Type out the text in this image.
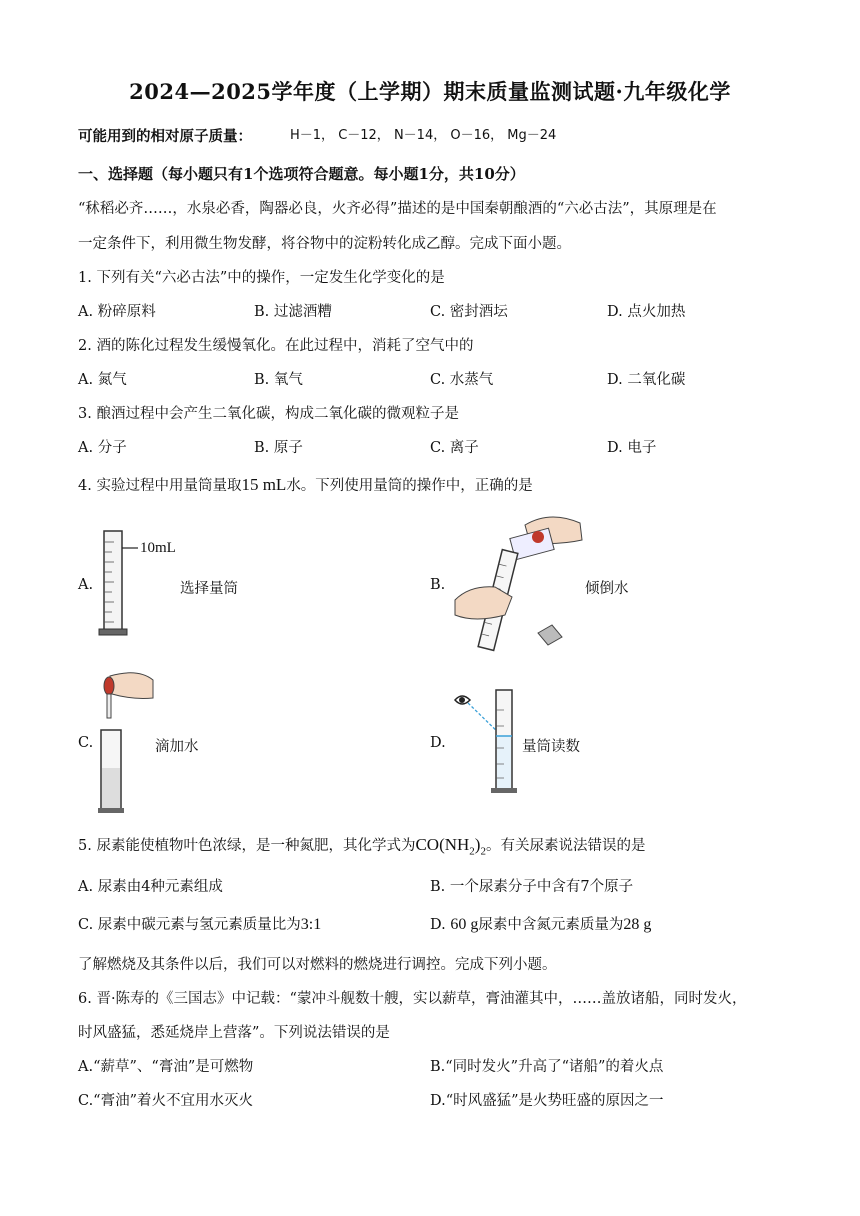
2024—2025学年度（上学期）期末质量监测试题·九年级化学
可能用到的相对原子质量：	H－1， C－12， N－14， O－16， Mg－24
一、选择题（每小题只有1个选项符合题意。每小题1分，共10分）
“秫稻必齐……，水泉必香，陶器必良，火齐必得”描述的是中国秦朝酿酒的“六必古法”，其原理是在
一定条件下，利用微生物发酵，将谷物中的淀粉转化成乙醇。完成下面小题。
1. 下列有关“六必古法”中的操作，一定发生化学变化的是
A. 粉碎原料	B. 过滤酒糟	C. 密封酒坛	D. 点火加热
2. 酒的陈化过程发生缓慢氧化。在此过程中，消耗了空气中的
A. 氮气	B. 氧气	C. 水蒸气	D. 二氧化碳
3. 酿酒过程中会产生二氧化碳，构成二氧化碳的微观粒子是
A. 分子	B. 原子	C. 离子	D. 电子
4. 实验过程中用量筒量取15 mL水。下列使用量筒的操作中，正确的是
A.
10mL
选择量筒	B.	倾倒水
C.	滴加水	D.	量筒读数
5. 尿素能使植物叶色浓绿，是一种氮肥，其化学式为$CO(NH_2)_2$。有关尿素说法错误的是
A. 尿素由4种元素组成	B. 一个尿素分子中含有7个原子
C. 尿素中碳元素与氢元素质量比为3:1	D. 60 g尿素中含氮元素质量为28 g
了解燃烧及其条件以后，我们可以对燃料的燃烧进行调控。完成下列小题。
6. 晋·陈寿的《三国志》中记载：“蒙冲斗舰数十艘，实以薪草，膏油灌其中，……盖放诸船，同时发火，
时风盛猛，悉延烧岸上营落”。下列说法错误的是
A.“薪草”、“膏油”是可燃物	B.“同时发火”升高了“诸船”的着火点
C.“膏油”着火不宜用水灭火	D.“时风盛猛”是火势旺盛的原因之一
